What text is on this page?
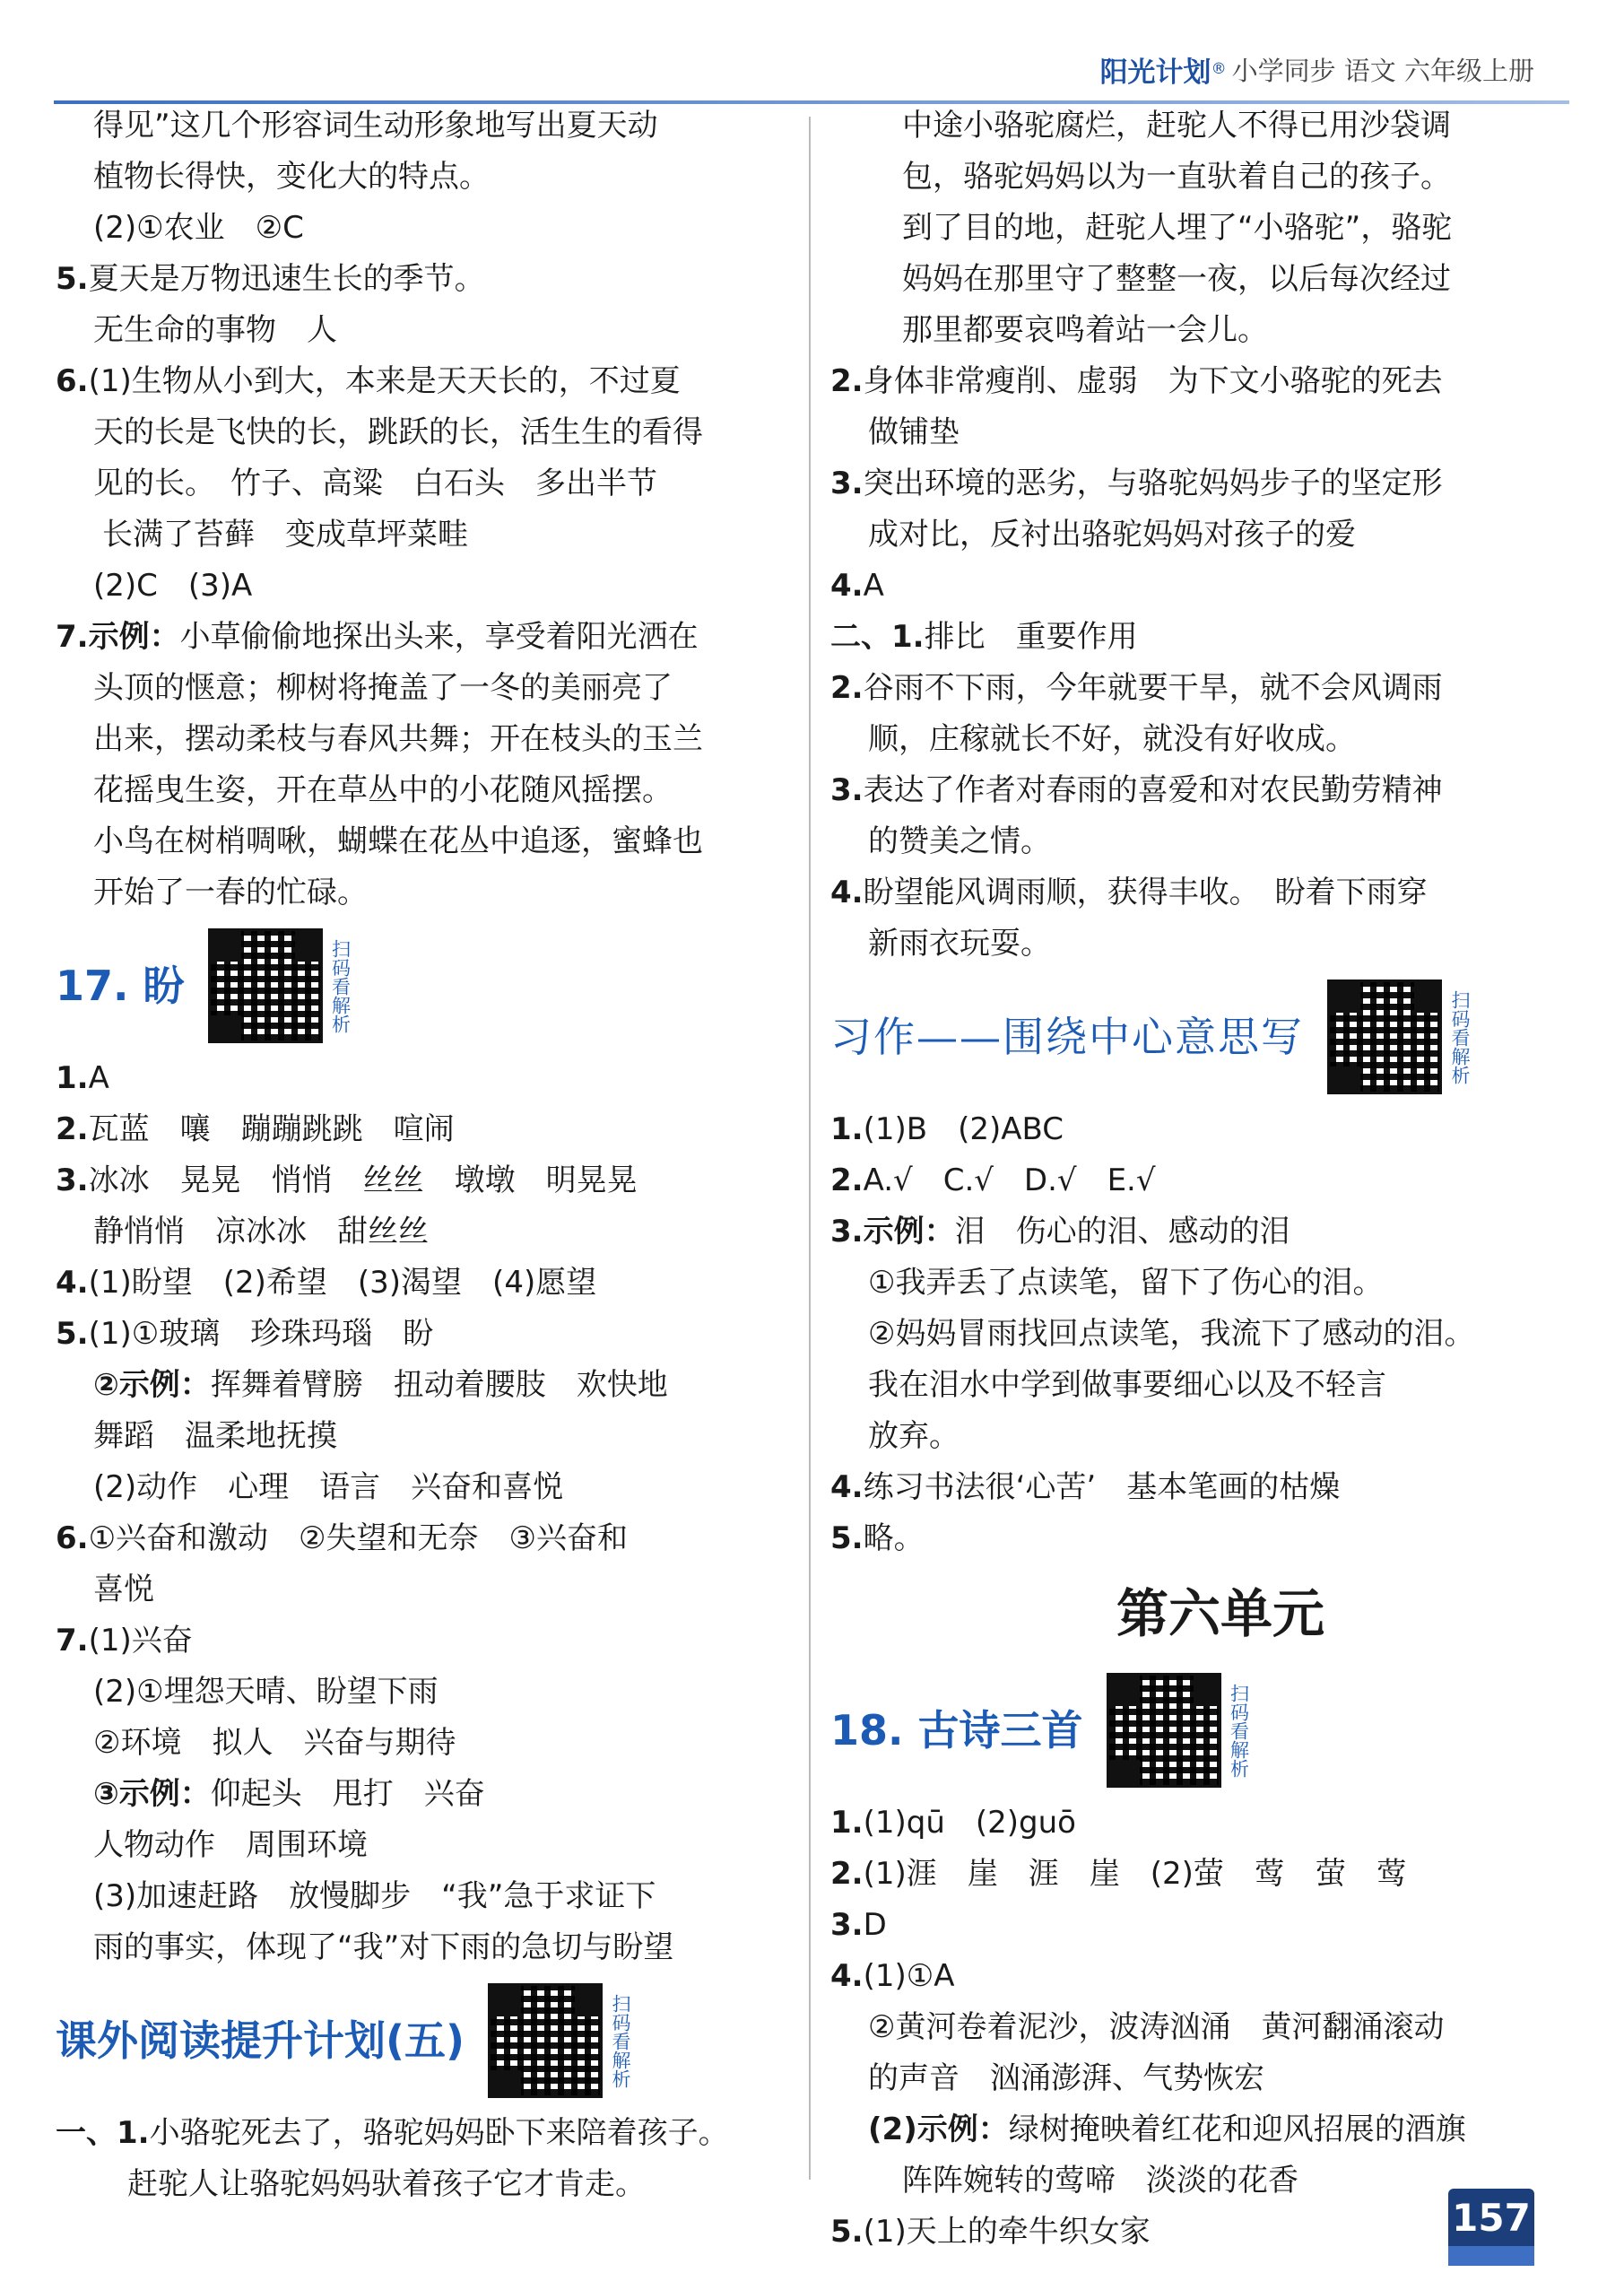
阳光计划 ® 小学同步 语文 六年级上册
得见”这几个形容词生动形象地写出夏天动
植物长得快，变化大的特点。
(2)①农业　②C
5.夏天是万物迅速生长的季节。
无生命的事物　人
6.(1)生物从小到大，本来是天天长的，不过夏
天的长是飞快的长，跳跃的长，活生生的看得
见的长。　竹子、高粱　白石头　多出半节
长满了苔藓　变成草坪菜畦
(2)C　(3)A
7.示例：小草偷偷地探出头来，享受着阳光洒在
头顶的惬意；柳树将掩盖了一冬的美丽亮了
出来，摆动柔枝与春风共舞；开在枝头的玉兰
花摇曳生姿，开在草丛中的小花随风摇摆。
小鸟在树梢啁啾，蝴蝶在花丛中追逐，蜜蜂也
开始了一春的忙碌。
17. 盼	扫码看解析
1.A
2.瓦蓝　嚷　蹦蹦跳跳　喧闹
3.冰冰　晃晃　悄悄　丝丝　墩墩　明晃晃
静悄悄　凉冰冰　甜丝丝
4.(1)盼望　(2)希望　(3)渴望　(4)愿望
5.(1)①玻璃　珍珠玛瑙　盼
②示例：挥舞着臂膀　扭动着腰肢　欢快地
舞蹈　温柔地抚摸
(2)动作　心理　语言　兴奋和喜悦
6.①兴奋和激动　②失望和无奈　③兴奋和
喜悦
7.(1)兴奋
(2)①埋怨天晴、盼望下雨
②环境　拟人　兴奋与期待
③示例：仰起头　甩打　兴奋
人物动作　周围环境
(3)加速赶路　放慢脚步　“我”急于求证下
雨的事实，体现了“我”对下雨的急切与盼望
课外阅读提升计划(五)	扫码看解析
一、1.小骆驼死去了，骆驼妈妈卧下来陪着孩子。
赶驼人让骆驼妈妈驮着孩子它才肯走。
中途小骆驼腐烂，赶驼人不得已用沙袋调
包，骆驼妈妈以为一直驮着自己的孩子。
到了目的地，赶驼人埋了“小骆驼”，骆驼
妈妈在那里守了整整一夜，以后每次经过
那里都要哀鸣着站一会儿。
2.身体非常瘦削、虚弱　为下文小骆驼的死去
做铺垫
3.突出环境的恶劣，与骆驼妈妈步子的坚定形
成对比，反衬出骆驼妈妈对孩子的爱
4.A
二、1.排比　重要作用
2.谷雨不下雨，今年就要干旱，就不会风调雨
顺，庄稼就长不好，就没有好收成。
3.表达了作者对春雨的喜爱和对农民勤劳精神
的赞美之情。
4.盼望能风调雨顺，获得丰收。　盼着下雨穿
新雨衣玩耍。
习作——围绕中心意思写	扫码看解析
1.(1)B　(2)ABC
2.A.√　C.√　D.√　E.√
3.示例：泪　伤心的泪、感动的泪
①我弄丢了点读笔，留下了伤心的泪。
②妈妈冒雨找回点读笔，我流下了感动的泪。
我在泪水中学到做事要细心以及不轻言
放弃。
4.练习书法很‘心苦’　基本笔画的枯燥
5.略。
第六单元
18. 古诗三首	扫码看解析
1.(1)qū　(2)guō
2.(1)涯　崖　涯　崖　(2)萤　莺　萤　莺
3.D
4.(1)①A
②黄河卷着泥沙，波涛汹涌　黄河翻涌滚动
的声音　汹涌澎湃、气势恢宏
(2)示例：绿树掩映着红花和迎风招展的酒旗
阵阵婉转的莺啼　淡淡的花香
5.(1)天上的牵牛织女家	157
